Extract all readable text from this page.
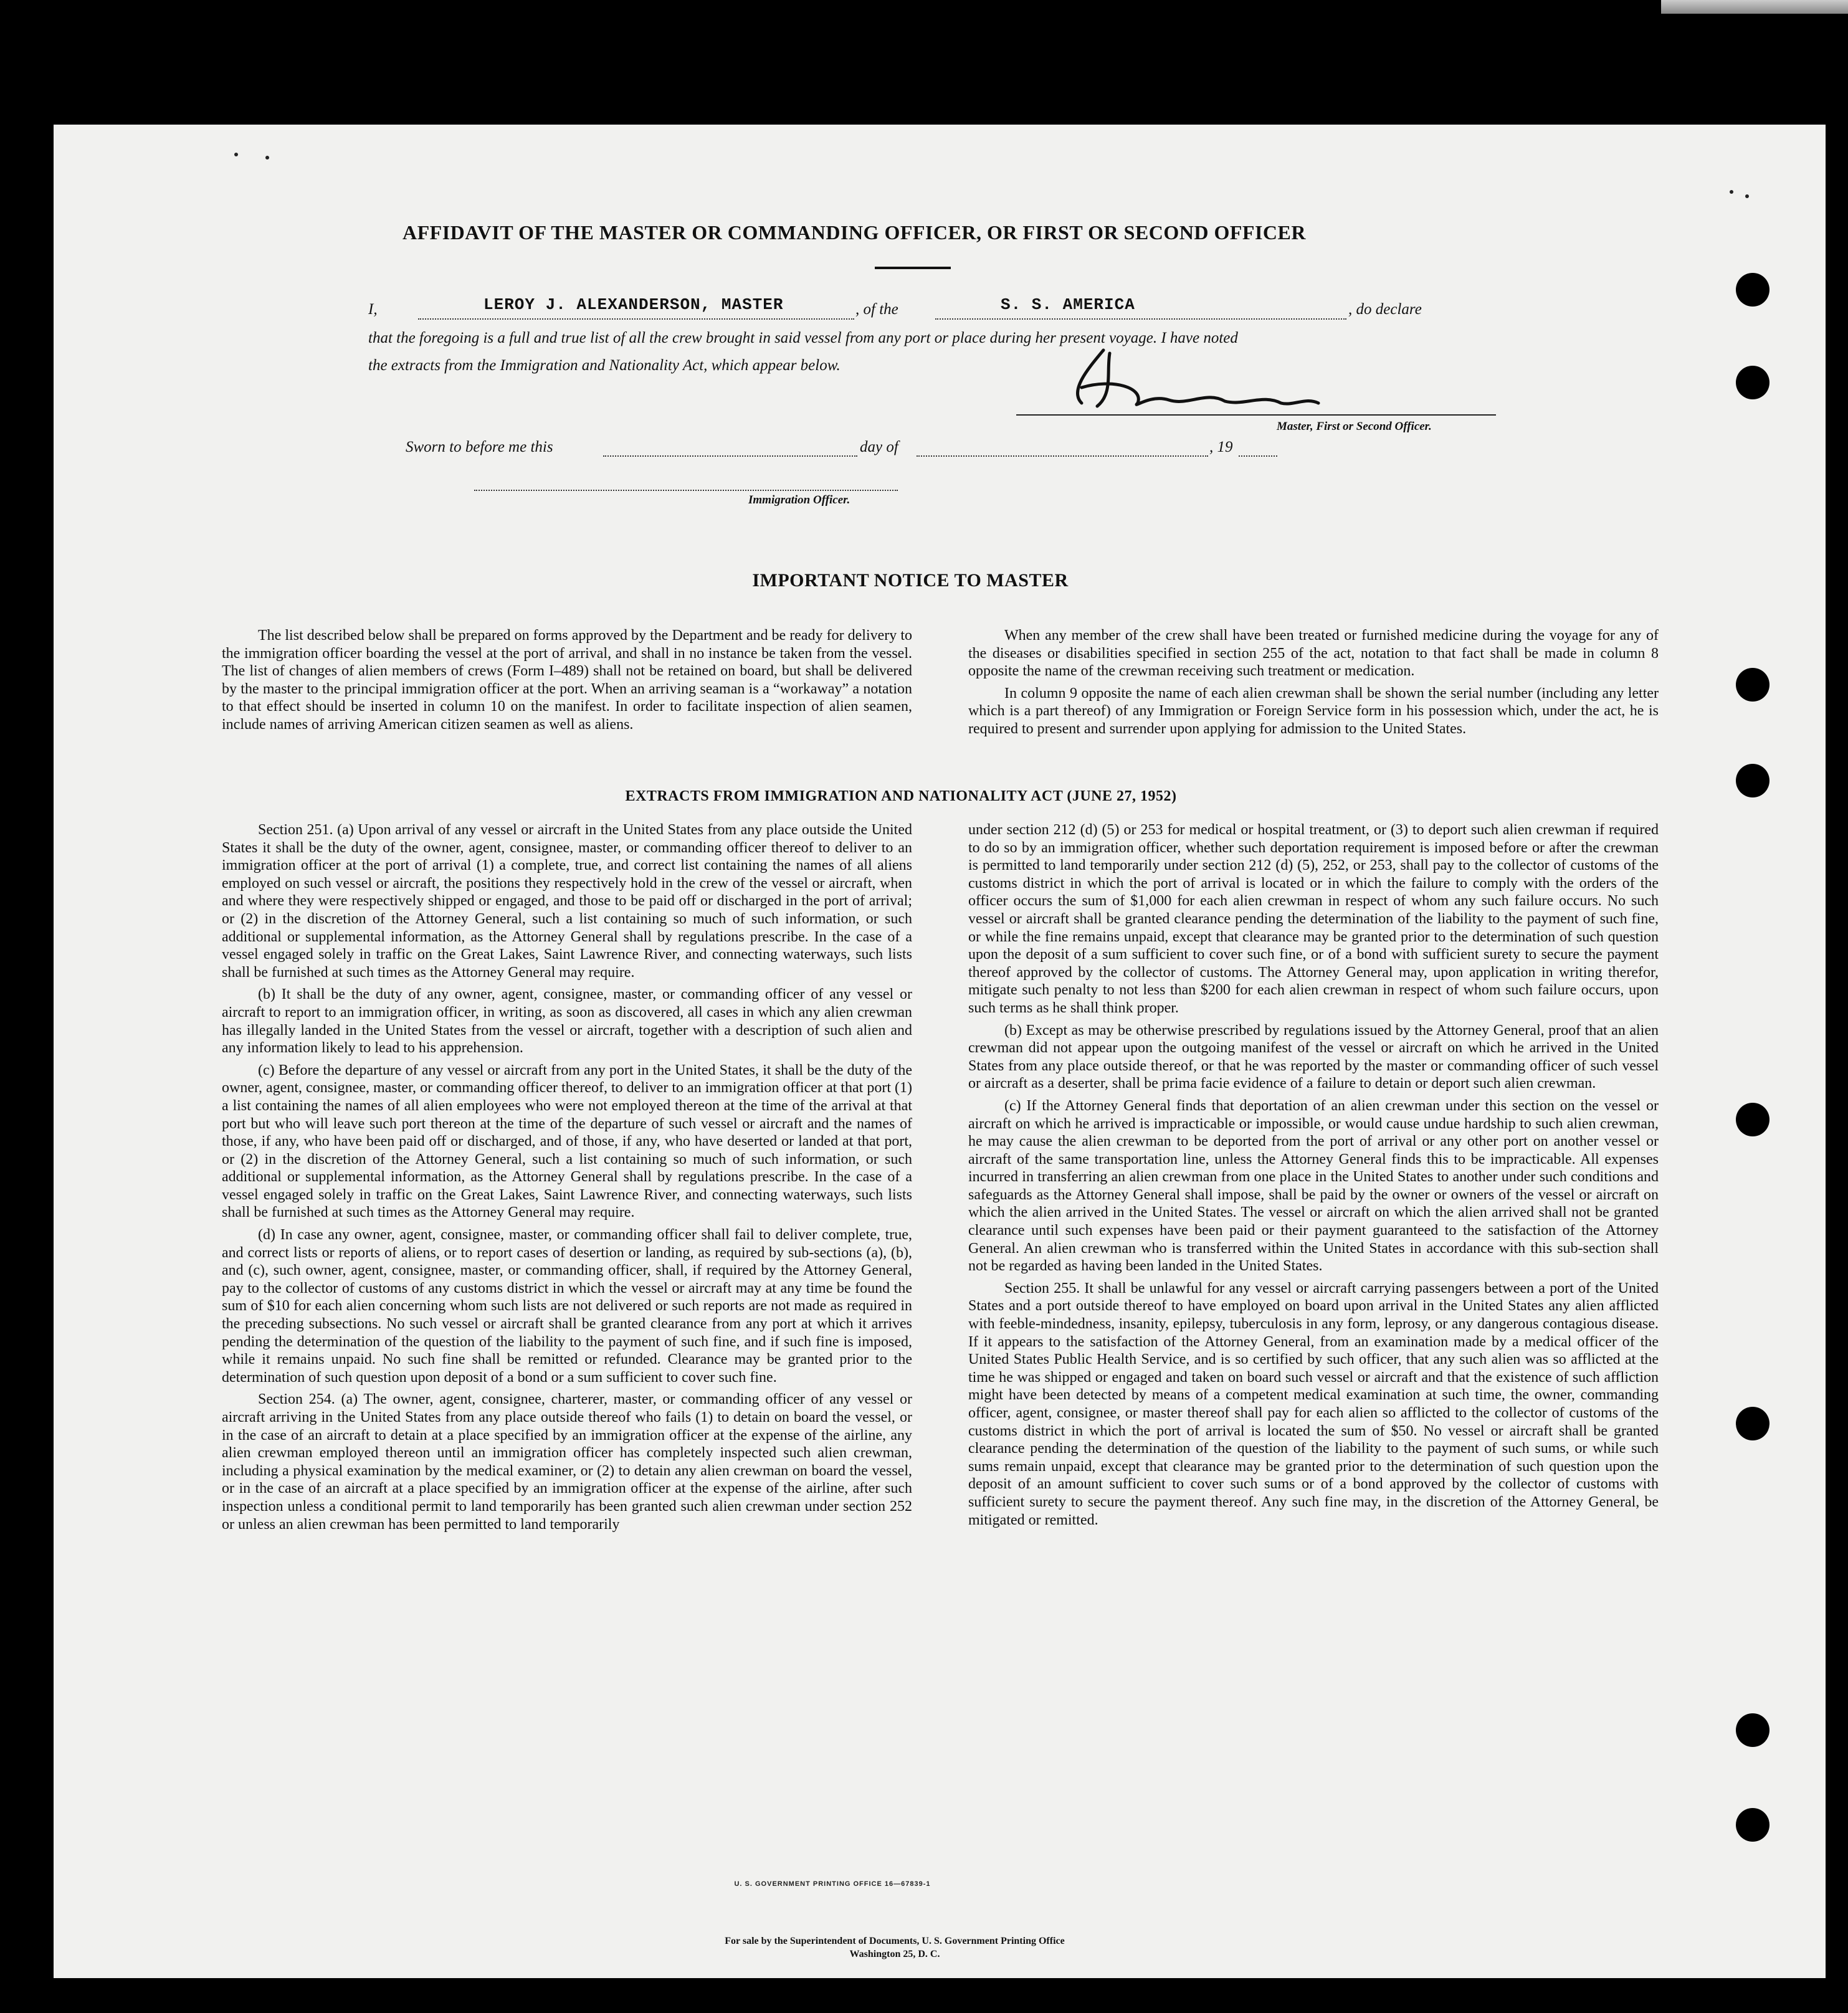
AFFIDAVIT OF THE MASTER OR COMMANDING OFFICER, OR FIRST OR SECOND OFFICER
I,	LEROY J. ALEXANDERSON, MASTER	, of the	S. S. AMERICA	, do declare
that the foregoing is a full and true list of all the crew brought in said vessel from any port or place during her present voyage. I have noted
the extracts from the Immigration and Nationality Act, which appear below.
Master, First or Second Officer.
Sworn to before me this	day of	, 19
Immigration Officer.
IMPORTANT NOTICE TO MASTER

The list described below shall be prepared on forms approved by the Department and be ready for delivery to the immigration officer boarding the vessel at the port of arrival, and shall in no instance be taken from the vessel. The list of changes of alien members of crews (Form I–489) shall not be retained on board, but shall be delivered by the master to the principal immigration officer at the port. When an arriving seaman is a “workaway” a notation to that effect should be inserted in column 10 on the manifest. In order to facilitate inspection of alien seamen, include names of arriving American citizen seamen as well as aliens.

When any member of the crew shall have been treated or furnished medicine during the voyage for any of the diseases or disabilities specified in section 255 of the act, notation to that fact shall be made in column 8 opposite the name of the crewman receiving such treatment or medication.

In column 9 opposite the name of each alien crewman shall be shown the serial number (including any letter which is a part thereof) of any Immigration or Foreign Service form in his possession which, under the act, he is required to present and surrender upon applying for admission to the United States.

EXTRACTS FROM IMMIGRATION AND NATIONALITY ACT (JUNE 27, 1952)

Section 251. (a) Upon arrival of any vessel or aircraft in the United States from any place outside the United States it shall be the duty of the owner, agent, consignee, master, or commanding officer thereof to deliver to an immigration officer at the port of arrival (1) a complete, true, and correct list containing the names of all aliens employed on such vessel or aircraft, the positions they respectively hold in the crew of the vessel or aircraft, when and where they were respectively shipped or engaged, and those to be paid off or discharged in the port of arrival; or (2) in the discretion of the Attorney General, such a list containing so much of such information, or such additional or supplemental information, as the Attorney General shall by regulations prescribe. In the case of a vessel engaged solely in traffic on the Great Lakes, Saint Lawrence River, and connecting waterways, such lists shall be furnished at such times as the Attorney General may require.

(b) It shall be the duty of any owner, agent, consignee, master, or commanding officer of any vessel or aircraft to report to an immigration officer, in writing, as soon as discovered, all cases in which any alien crewman has illegally landed in the United States from the vessel or aircraft, together with a description of such alien and any information likely to lead to his apprehension.

(c) Before the departure of any vessel or aircraft from any port in the United States, it shall be the duty of the owner, agent, consignee, master, or commanding officer thereof, to deliver to an immigration officer at that port (1) a list containing the names of all alien employees who were not employed thereon at the time of the arrival at that port but who will leave such port thereon at the time of the departure of such vessel or aircraft and the names of those, if any, who have been paid off or discharged, and of those, if any, who have deserted or landed at that port, or (2) in the discretion of the Attorney General, such a list containing so much of such information, or such additional or supplemental information, as the Attorney General shall by regulations prescribe. In the case of a vessel engaged solely in traffic on the Great Lakes, Saint Lawrence River, and connecting waterways, such lists shall be furnished at such times as the Attorney General may require.

(d) In case any owner, agent, consignee, master, or commanding officer shall fail to deliver complete, true, and correct lists or reports of aliens, or to report cases of desertion or landing, as required by sub-sections (a), (b), and (c), such owner, agent, consignee, master, or commanding officer, shall, if required by the Attorney General, pay to the collector of customs of any customs district in which the vessel or aircraft may at any time be found the sum of $10 for each alien concerning whom such lists are not delivered or such reports are not made as required in the preceding subsections. No such vessel or aircraft shall be granted clearance from any port at which it arrives pending the determination of the question of the liability to the payment of such fine, and if such fine is imposed, while it remains unpaid. No such fine shall be remitted or refunded. Clearance may be granted prior to the determination of such question upon deposit of a bond or a sum sufficient to cover such fine.

Section 254. (a) The owner, agent, consignee, charterer, master, or commanding officer of any vessel or aircraft arriving in the United States from any place outside thereof who fails (1) to detain on board the vessel, or in the case of an aircraft to detain at a place specified by an immigration officer at the expense of the airline, any alien crewman employed thereon until an immigration officer has completely inspected such alien crewman, including a physical examination by the medical examiner, or (2) to detain any alien crewman on board the vessel, or in the case of an aircraft at a place specified by an immigration officer at the expense of the airline, after such inspection unless a conditional permit to land temporarily has been granted such alien crewman under section 252 or unless an alien crewman has been permitted to land temporarily

under section 212 (d) (5) or 253 for medical or hospital treatment, or (3) to deport such alien crewman if required to do so by an immigration officer, whether such deportation requirement is imposed before or after the crewman is permitted to land temporarily under section 212 (d) (5), 252, or 253, shall pay to the collector of customs of the customs district in which the port of arrival is located or in which the failure to comply with the orders of the officer occurs the sum of $1,000 for each alien crewman in respect of whom any such failure occurs. No such vessel or aircraft shall be granted clearance pending the determination of the liability to the payment of such fine, or while the fine remains unpaid, except that clearance may be granted prior to the determination of such question upon the deposit of a sum sufficient to cover such fine, or of a bond with sufficient surety to secure the payment thereof approved by the collector of customs. The Attorney General may, upon application in writing therefor, mitigate such penalty to not less than $200 for each alien crewman in respect of whom such failure occurs, upon such terms as he shall think proper.

(b) Except as may be otherwise prescribed by regulations issued by the Attorney General, proof that an alien crewman did not appear upon the outgoing manifest of the vessel or aircraft on which he arrived in the United States from any place outside thereof, or that he was reported by the master or commanding officer of such vessel or aircraft as a deserter, shall be prima facie evidence of a failure to detain or deport such alien crewman.

(c) If the Attorney General finds that deportation of an alien crewman under this section on the vessel or aircraft on which he arrived is impracticable or impossible, or would cause undue hardship to such alien crewman, he may cause the alien crewman to be deported from the port of arrival or any other port on another vessel or aircraft of the same transportation line, unless the Attorney General finds this to be impracticable. All expenses incurred in transferring an alien crewman from one place in the United States to another under such conditions and safeguards as the Attorney General shall impose, shall be paid by the owner or owners of the vessel or aircraft on which the alien arrived in the United States. The vessel or aircraft on which the alien arrived shall not be granted clearance until such expenses have been paid or their payment guaranteed to the satisfaction of the Attorney General. An alien crewman who is transferred within the United States in accordance with this sub-section shall not be regarded as having been landed in the United States.

Section 255. It shall be unlawful for any vessel or aircraft carrying passengers between a port of the United States and a port outside thereof to have employed on board upon arrival in the United States any alien afflicted with feeble-mindedness, insanity, epilepsy, tuberculosis in any form, leprosy, or any dangerous contagious disease. If it appears to the satisfaction of the Attorney General, from an examination made by a medical officer of the United States Public Health Service, and is so certified by such officer, that any such alien was so afflicted at the time he was shipped or engaged and taken on board such vessel or aircraft and that the existence of such affliction might have been detected by means of a competent medical examination at such time, the owner, commanding officer, agent, consignee, or master thereof shall pay for each alien so afflicted to the collector of customs of the customs district in which the port of arrival is located the sum of $50. No vessel or aircraft shall be granted clearance pending the determination of the question of the liability to the payment of such sums, or while such sums remain unpaid, except that clearance may be granted prior to the determination of such question upon the deposit of an amount sufficient to cover such sums or of a bond approved by the collector of customs with sufficient surety to secure the payment thereof. Any such fine may, in the discretion of the Attorney General, be mitigated or remitted.

U. S. GOVERNMENT PRINTING OFFICE 16—67839-1
For sale by the Superintendent of Documents, U. S. Government Printing Office
Washington 25, D. C.
